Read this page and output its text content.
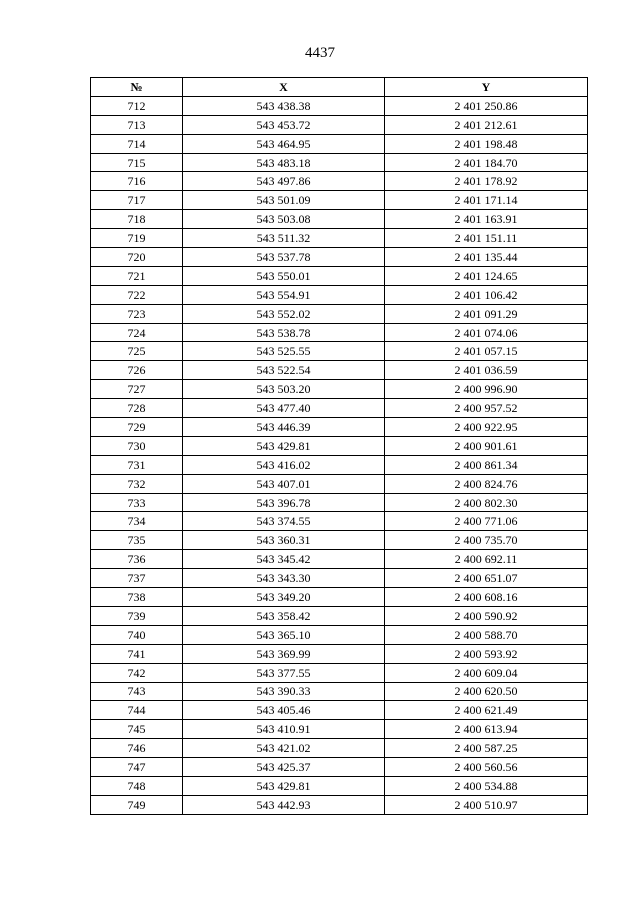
4437
№	X	Y
712	543 438.38	2 401 250.86
713	543 453.72	2 401 212.61
714	543 464.95	2 401 198.48
715	543 483.18	2 401 184.70
716	543 497.86	2 401 178.92
717	543 501.09	2 401 171.14
718	543 503.08	2 401 163.91
719	543 511.32	2 401 151.11
720	543 537.78	2 401 135.44
721	543 550.01	2 401 124.65
722	543 554.91	2 401 106.42
723	543 552.02	2 401 091.29
724	543 538.78	2 401 074.06
725	543 525.55	2 401 057.15
726	543 522.54	2 401 036.59
727	543 503.20	2 400 996.90
728	543 477.40	2 400 957.52
729	543 446.39	2 400 922.95
730	543 429.81	2 400 901.61
731	543 416.02	2 400 861.34
732	543 407.01	2 400 824.76
733	543 396.78	2 400 802.30
734	543 374.55	2 400 771.06
735	543 360.31	2 400 735.70
736	543 345.42	2 400 692.11
737	543 343.30	2 400 651.07
738	543 349.20	2 400 608.16
739	543 358.42	2 400 590.92
740	543 365.10	2 400 588.70
741	543 369.99	2 400 593.92
742	543 377.55	2 400 609.04
743	543 390.33	2 400 620.50
744	543 405.46	2 400 621.49
745	543 410.91	2 400 613.94
746	543 421.02	2 400 587.25
747	543 425.37	2 400 560.56
748	543 429.81	2 400 534.88
749	543 442.93	2 400 510.97
